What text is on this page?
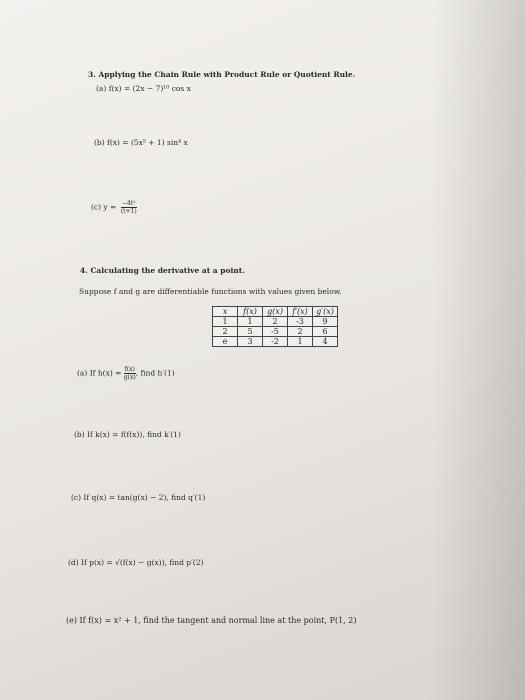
3. Applying the Chain Rule with Product Rule or Quotient Rule.
(a) f(x) = (2x − 7)¹⁰ cos x
(b) f(x) = (5x⁵ + 1) sin⁴ x
(c) $y = \frac{\text{−4t²}}{(t+1)}$
4. Calculating the derivative at a point.
Suppose f and g are differentiable functions with values given below.
x	f(x)	g(x)	f′(x)	g′(x)
1	1	2	-3	9
2	5	-5	2	6
e	3	-2	1	4
(a) If $h(x) = \frac{f(x)}{g(x)}$ , find h′(1)
(b) If k(x) = f(f(x)), find k′(1)
(c) If q(x) = tan(g(x) − 2), find q′(1)
(d) If p(x) = √(f(x) − g(x)), find p′(2)
(e) If f(x) = x² + 1, find the tangent and normal line at the point, P(1, 2)
